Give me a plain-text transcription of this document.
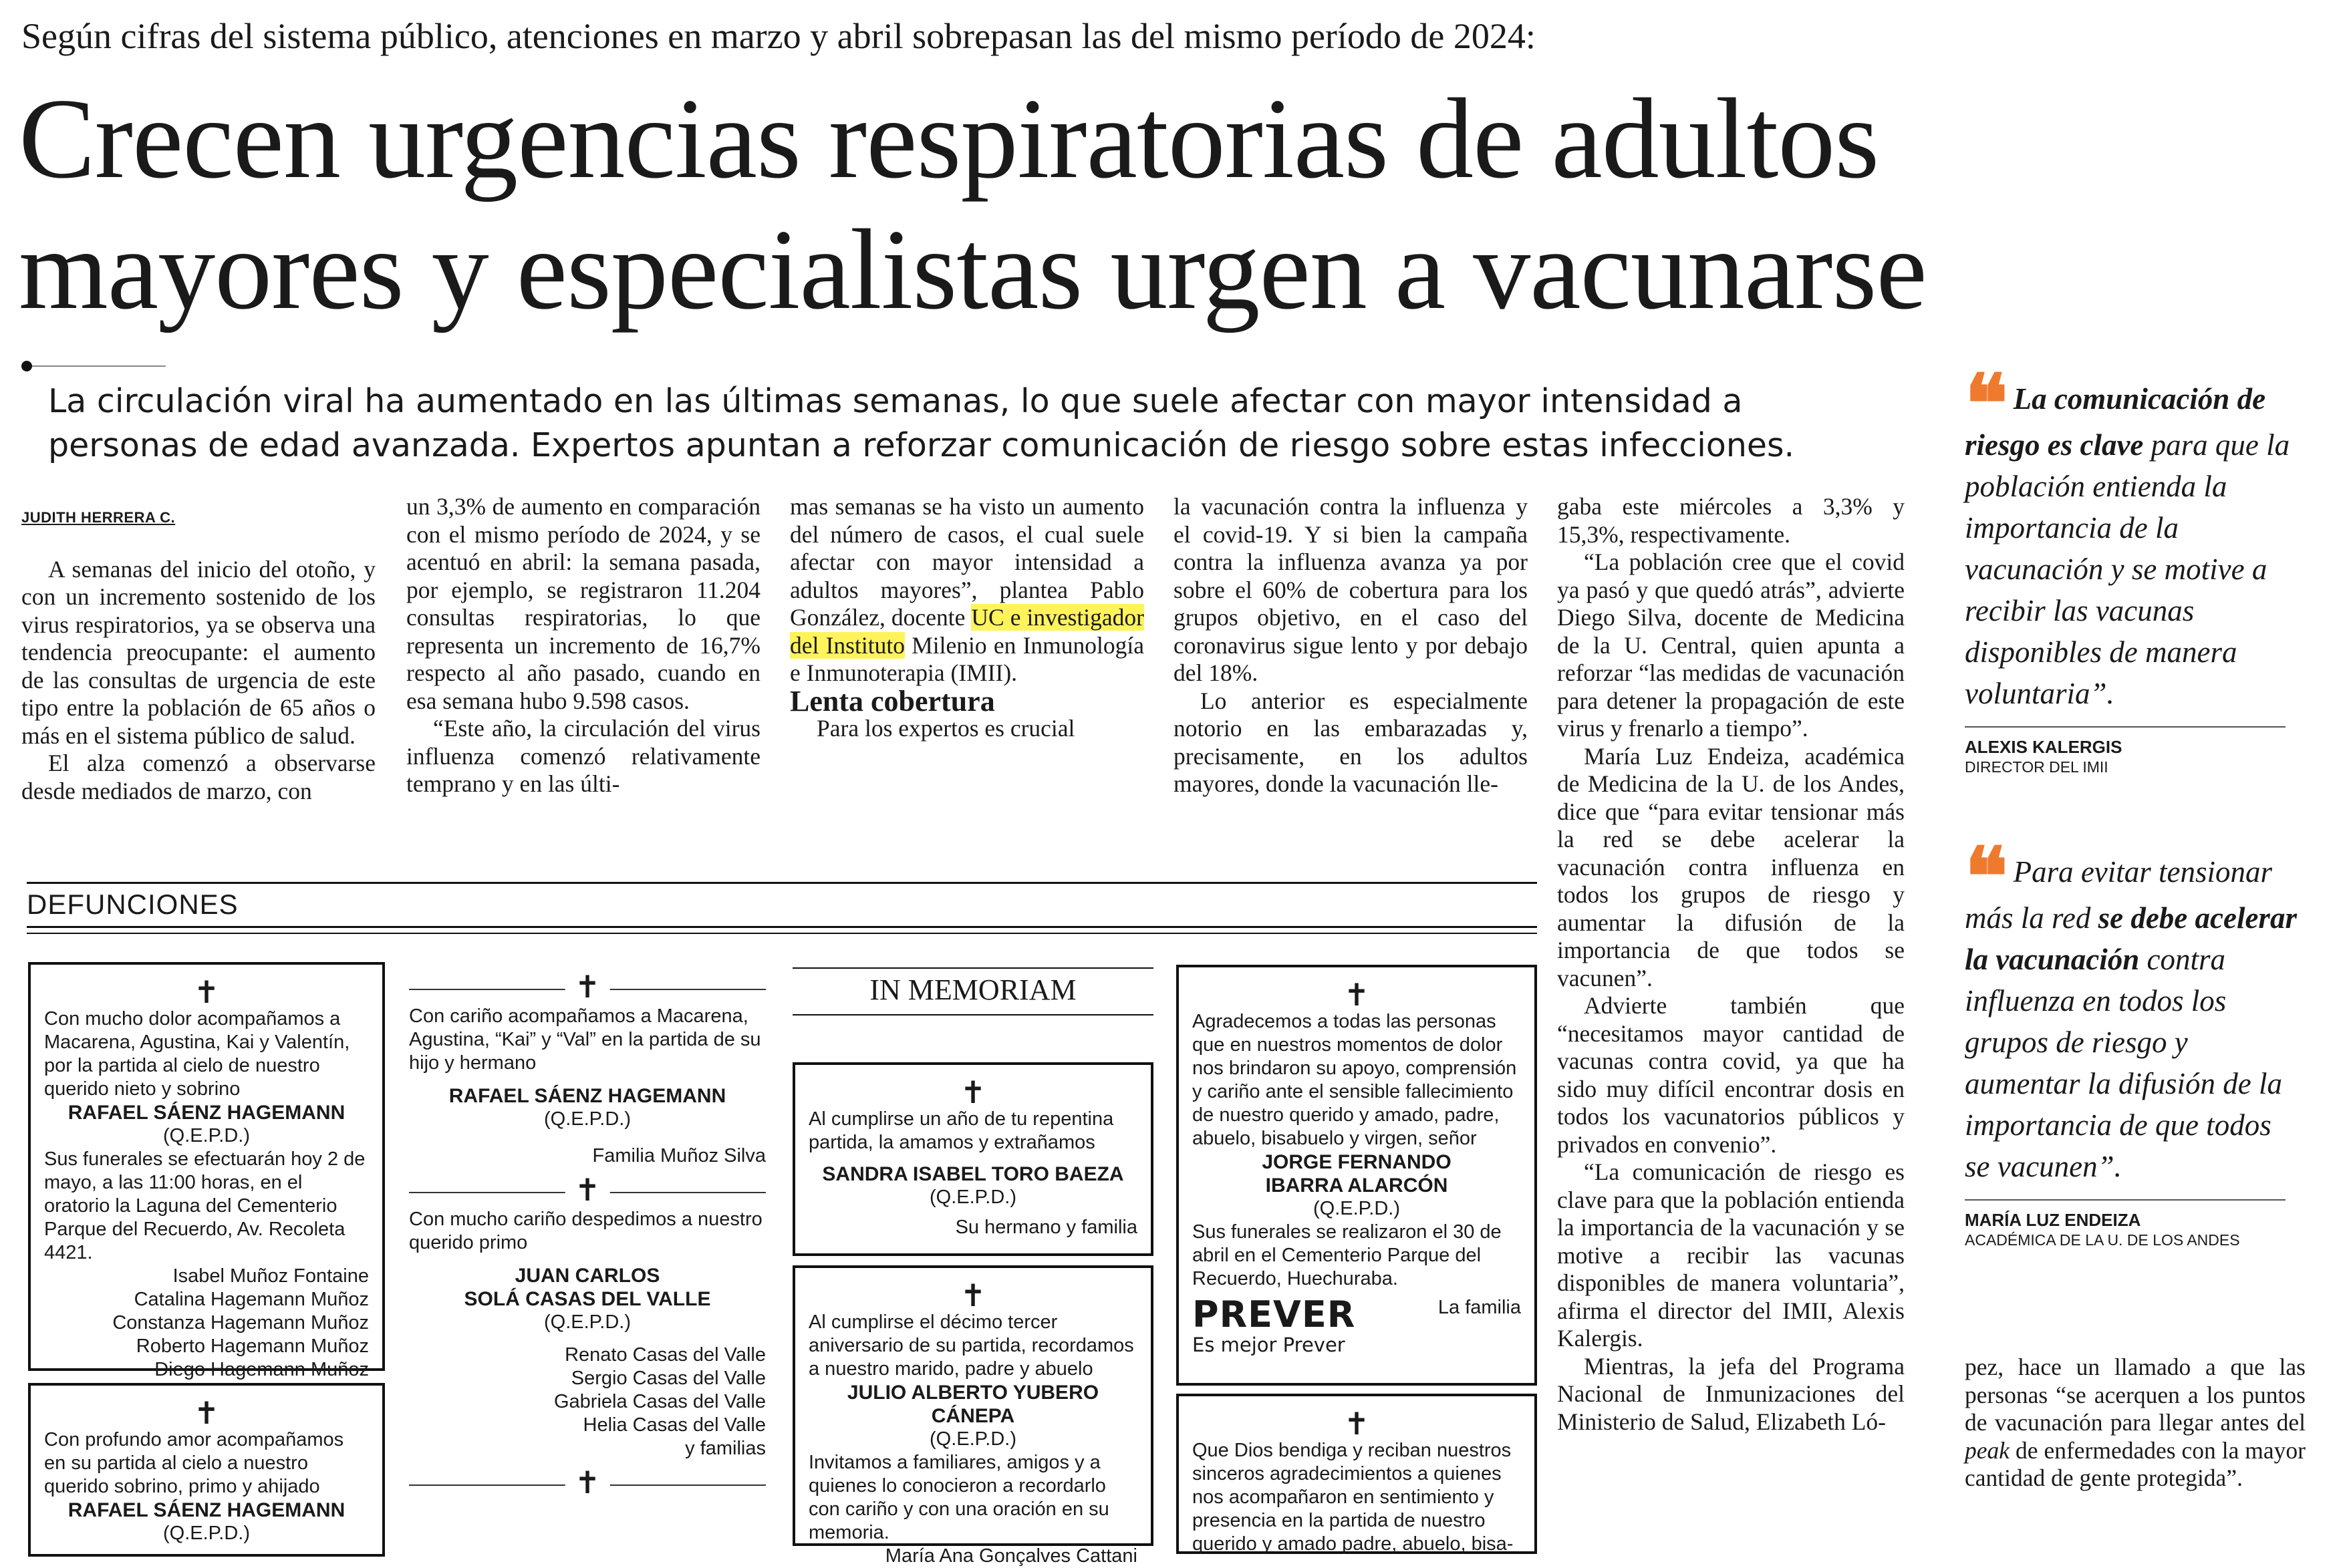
Según cifras del sistema público, atenciones en marzo y abril sobrepasan las del mismo período de 2024:
Crecen urgencias respiratorias de adultos
mayores y especialistas urgen a vacunarse
La circulación viral ha aumentado en las últimas semanas, lo que suele afectar con mayor intensidad a
personas de edad avanzada. Expertos apuntan a reforzar comunicación de riesgo sobre estas infecciones.
JUDITH HERRERA C.

A semanas del inicio del otoño, y con un incremento sostenido de los virus respiratorios, ya se observa una tendencia preocupante: el aumento de las consultas de urgencia de este tipo entre la población de 65 años o más en el sistema público de salud.

El alza comenzó a observarse desde mediados de marzo, con

un 3,3% de aumento en comparación con el mismo período de 2024, y se acentuó en abril: la semana pasada, por ejemplo, se registraron 11.204 consultas respiratorias, lo que representa un incremento de 16,7% respecto al año pasado, cuando en esa semana hubo 9.598 casos.

“Este año, la circulación del virus influenza comenzó relativamente temprano y en las últi-

mas semanas se ha visto un aumento del número de casos, el cual suele afectar con mayor intensidad a adultos mayores”, plantea Pablo González, docente UC e investigador del Instituto Milenio en Inmunología e Inmunoterapia (IMII).

Lenta cobertura

Para los expertos es crucial

la vacunación contra la influenza y el covid-19. Y si bien la campaña contra la influenza avanza ya por sobre el 60% de cobertura para los grupos objetivo, en el caso del coronavirus sigue lento y por debajo del 18%.

Lo anterior es especialmente notorio en las embarazadas y, precisamente, en los adultos mayores, donde la vacunación lle-

gaba este miércoles a 3,3% y 15,3%, respectivamente.

“La población cree que el covid ya pasó y que quedó atrás”, advierte Diego Silva, docente de Medicina de la U. Central, quien apunta a reforzar “las medidas de vacunación para detener la propagación de este virus y frenarlo a tiempo”.

María Luz Endeiza, académica de Medicina de la U. de los Andes, dice que “para evitar tensionar más la red se debe acelerar la vacunación contra influenza en todos los grupos de riesgo y aumentar la difusión de la importancia de que todos se vacunen”.

Advierte también que “necesitamos mayor cantidad de vacunas contra covid, ya que ha sido muy difícil encontrar dosis en todos los vacunatorios públicos y privados en convenio”.

“La comunicación de riesgo es clave para que la población entienda la importancia de la vacunación y se motive a recibir las vacunas disponibles de manera voluntaria”, afirma el director del IMII, Alexis Kalergis.

Mientras, la jefa del Programa Nacional de Inmunizaciones del Ministerio de Salud, Elizabeth Ló-

❝ La comunicación de riesgo es clave para que la población entienda la importancia de la vacunación y se motive a recibir las vacunas disponibles de manera voluntaria”.
ALEXIS KALERGIS
DIRECTOR DEL IMII
❝ Para evitar tensionar más la red se debe acelerar la vacunación contra influenza en todos los grupos de riesgo y aumentar la difusión de la importancia de que todos se vacunen”.
MARÍA LUZ ENDEIZA
ACADÉMICA DE LA U. DE LOS ANDES
pez, hace un llamado a que las personas “se acerquen a los puntos de vacunación para llegar antes del peak de enfermedades con la mayor cantidad de gente protegida”.
DEFUNCIONES
✝
Con mucho dolor acompañamos a Macarena, Agustina, Kai y Valentín, por la partida al cielo de nuestro querido nieto y sobrino
RAFAEL SÁENZ HAGEMANN
(Q.E.P.D.)
Sus funerales se efectuarán hoy 2 de mayo, a las 11:00 horas, en el oratorio la Laguna del Cementerio Parque del Recuerdo, Av. Recoleta 4421.
Isabel Muñoz Fontaine
Catalina Hagemann Muñoz
Constanza Hagemann Muñoz
Roberto Hagemann Muñoz
Diego Hagemann Muñoz
✝
Con profundo amor acompañamos en su partida al cielo a nuestro querido sobrino, primo y ahijado
RAFAEL SÁENZ HAGEMANN
(Q.E.P.D.)
✝
Con cariño acompañamos a Macarena, Agustina, “Kai” y “Val” en la partida de su hijo y hermano
RAFAEL SÁENZ HAGEMANN
(Q.E.P.D.)
Familia Muñoz Silva
✝
Con mucho cariño despedimos a nuestro querido primo
JUAN CARLOS
SOLÁ CASAS DEL VALLE
(Q.E.P.D.)
Renato Casas del Valle
Sergio Casas del Valle
Gabriela Casas del Valle
Helia Casas del Valle
y familias
✝
IN MEMORIAM
✝
Al cumplirse un año de tu repentina partida, la amamos y extrañamos
SANDRA ISABEL TORO BAEZA
(Q.E.P.D.)
Su hermano y familia
✝
Al cumplirse el décimo tercer aniversario de su partida, recordamos a nuestro marido, padre y abuelo
JULIO ALBERTO YUBERO CÁNEPA
(Q.E.P.D.)
Invitamos a familiares, amigos y a quienes lo conocieron a recordarlo con cariño y con una oración en su memoria.
María Ana Gonçalves Cattani
✝
Agradecemos a todas las personas que en nuestros momentos de dolor nos brindaron su apoyo, comprensión y cariño ante el sensible fallecimiento de nuestro querido y amado, padre, abuelo, bisabuelo y virgen, señor
JORGE FERNANDO
IBARRA ALARCÓN
(Q.E.P.D.)
Sus funerales se realizaron el 30 de abril en el Cementerio Parque del Recuerdo, Huechuraba.
PREVER
Es mejor Prever
La familia
✝
Que Dios bendiga y reciban nuestros sinceros agradecimientos a quienes nos acompañaron en sentimiento y presencia en la partida de nuestro querido y amado padre, abuelo, bisa-
